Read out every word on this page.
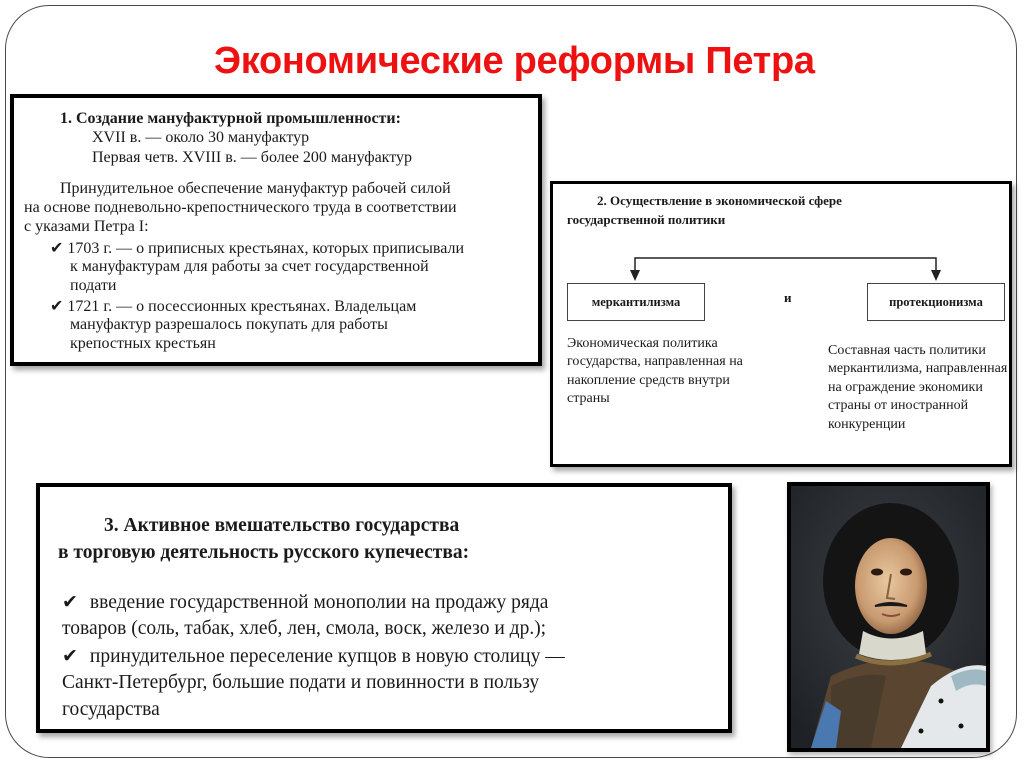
Экономические реформы Петра
1. Создание мануфактурной промышленности:
XVII в. — около 30 мануфактур
Первая четв. XVIII в. — более 200 мануфактур
Принудительное обеспечение мануфактур рабочей силой
на основе подневольно-крепостнического труда в соответствии
с указами Петра I:
✔ 1703 г. — о приписных крестьянах, которых приписывали
к мануфактурам для работы за счет государственной
подати
✔ 1721 г. — о посессионных крестьянах. Владельцам
мануфактур разрешалось покупать для работы
крепостных крестьян
2. Осуществление в экономической сфере
государственной политики
меркантилизма	и	протекционизма
Экономическая политика государства, направленная на накопление средств внутри страны
Составная часть политики меркантилизма, направленная на ограждение экономики страны от иностранной конкуренции
3. Активное вмешательство государства
в торговую деятельность русского купечества:
✔ введение государственной монополии на продажу ряда
товаров (соль, табак, хлеб, лен, смола, воск, железо и др.);
✔ принудительное переселение купцов в новую столицу —
Санкт-Петербург, большие подати и повинности в пользу
государства
